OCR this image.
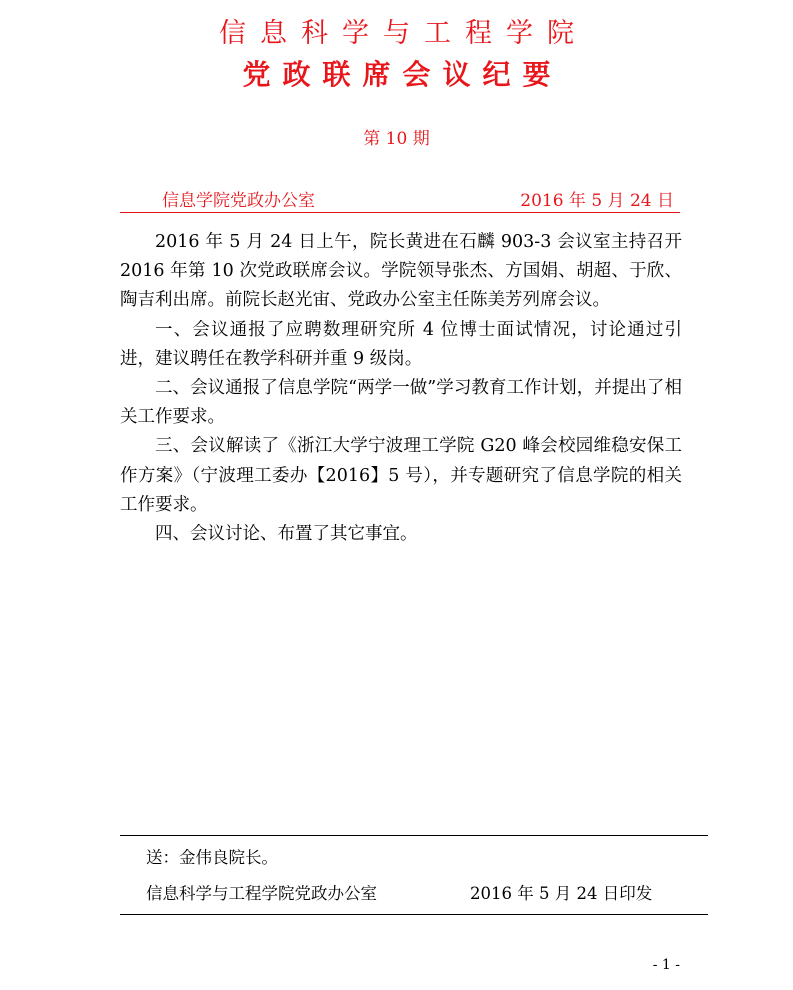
信息科学与工程学院
党政联席会议纪要
第 10 期
信息学院党政办公室	2016 年 5 月 24 日

2016 年 5 月 24 日上午，院长黄进在石麟 903-3 会议室主持召开 2016 年第 10 次党政联席会议。学院领导张杰、方国娟、胡超、于欣、陶吉利出席。前院长赵光宙、党政办公室主任陈美芳列席会议。

一、会议通报了应聘数理研究所 4 位博士面试情况，讨论通过引进，建议聘任在教学科研并重 9 级岗。

二、会议通报了信息学院“两学一做”学习教育工作计划，并提出了相关工作要求。

三、会议解读了《浙江大学宁波理工学院 G20 峰会校园维稳安保工作方案》（宁波理工委办【2016】5 号），并专题研究了信息学院的相关工作要求。

四、会议讨论、布置了其它事宜。

送：金伟良院长。
信息科学与工程学院党政办公室	2016 年 5 月 24 日印发
- 1 -
